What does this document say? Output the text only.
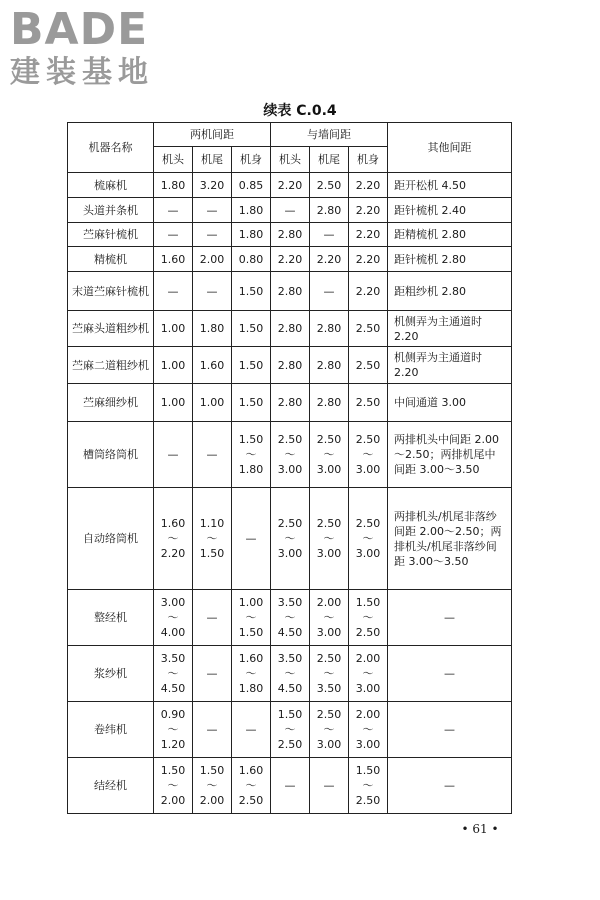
BADE
建装基地
续表 C.0.4
机器名称	两机间距			与墙间距			其他间距
	机头	机尾	机身	机头	机尾	机身	
梳麻机	1.80	3.20	0.85	2.20	2.50	2.20	距开松机 4.50
头道并条机	—	—	1.80	—	2.80	2.20	距针梳机 2.40
苎麻针梳机	—	—	1.80	2.80	—	2.20	距精梳机 2.80
精梳机	1.60	2.00	0.80	2.20	2.20	2.20	距针梳机 2.80
末道苎麻针梳机	—	—	1.50	2.80	—	2.20	距粗纱机 2.80
苎麻头道粗纱机	1.00	1.80	1.50	2.80	2.80	2.50	机侧弄为主通道时 2.20
苎麻二道粗纱机	1.00	1.60	1.50	2.80	2.80	2.50	机侧弄为主通道时 2.20
苎麻细纱机	1.00	1.00	1.50	2.80	2.80	2.50	中间通道 3.00
槽筒络筒机	—	—	1.50～1.80	2.50～3.00	2.50～3.00	2.50～3.00	两排机头中间距 2.00～2.50；两排机尾中间距 3.00～3.50
自动络筒机	1.60～2.20	1.10～1.50	—	2.50～3.00	2.50～3.00	2.50～3.00	两排机头/机尾非落纱间距 2.00～2.50；两排机头/机尾非落纱间距 3.00～3.50
整经机	3.00～4.00	—	1.00～1.50	3.50～4.50	2.00～3.00	1.50～2.50	—
浆纱机	3.50～4.50	—	1.60～1.80	3.50～4.50	2.50～3.50	2.00～3.00	—
卷纬机	0.90～1.20	—	—	1.50～2.50	2.50～3.00	2.00～3.00	—
结经机	1.50～2.00	1.50～2.00	1.60～2.50	—	—	1.50～2.50	—
• 61 •
